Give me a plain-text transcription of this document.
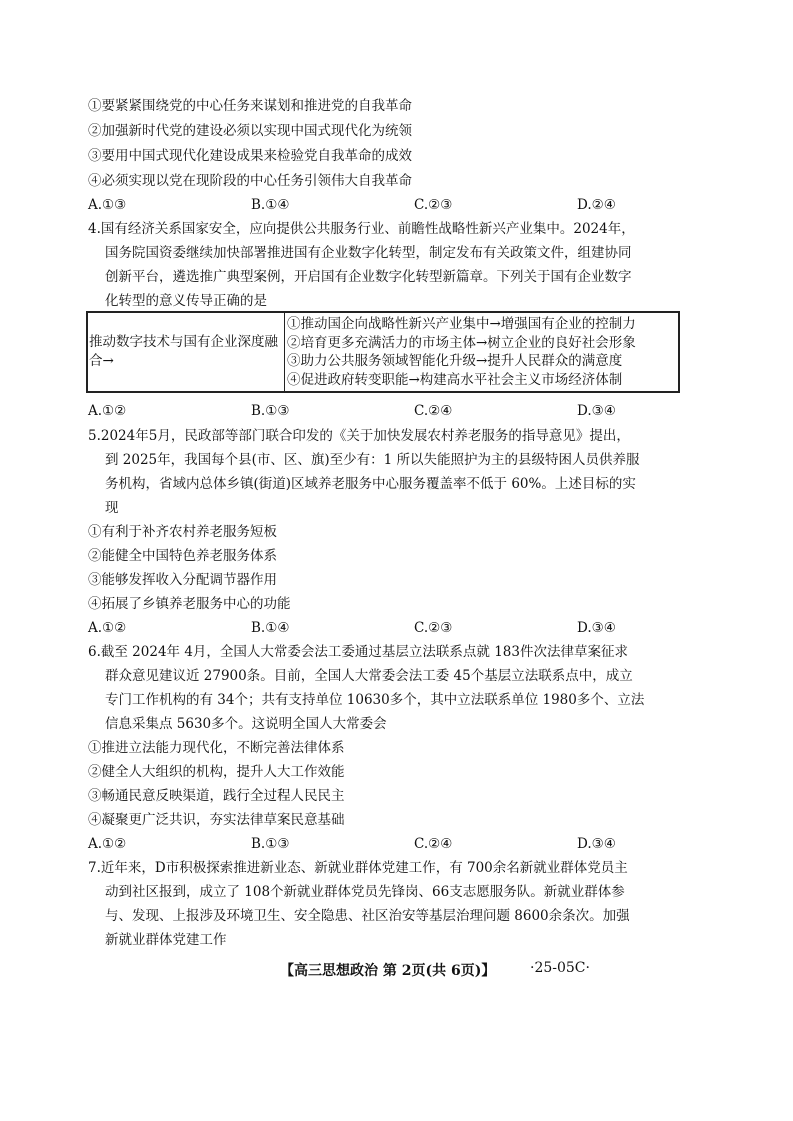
①要紧紧围绕党的中心任务来谋划和推进党的自我革命
②加强新时代党的建设必须以实现中国式现代化为统领
③要用中国式现代化建设成果来检验党自我革命的成效
④必须实现以党在现阶段的中心任务引领伟大自我革命
A.①③	B.①④	C.②③	D.②④
4.国有经济关系国家安全，应向提供公共服务行业、前瞻性战略性新兴产业集中。2024年，
国务院国资委继续加快部署推进国有企业数字化转型，制定发布有关政策文件，组建协同
创新平台，遴选推广典型案例，开启国有企业数字化转型新篇章。下列关于国有企业数字
化转型的意义传导正确的是
推动数字技术与国有企业深度融合→
①推动国企向战略性新兴产业集中→增强国有企业的控制力
②培育更多充满活力的市场主体→树立企业的良好社会形象
③助力公共服务领域智能化升级→提升人民群众的满意度
④促进政府转变职能→构建高水平社会主义市场经济体制
A.①②	B.①③	C.②④	D.③④
5.2024年5月，民政部等部门联合印发的《关于加快发展农村养老服务的指导意见》提出，
到 2025年，我国每个县(市、区、旗)至少有：1 所以失能照护为主的县级特困人员供养服
务机构，省域内总体乡镇(街道)区域养老服务中心服务覆盖率不低于 60%。上述目标的实
现
①有利于补齐农村养老服务短板
②能健全中国特色养老服务体系
③能够发挥收入分配调节器作用
④拓展了乡镇养老服务中心的功能
A.①②	B.①④	C.②③	D.③④
6.截至 2024年 4月，全国人大常委会法工委通过基层立法联系点就 183件次法律草案征求
群众意见建议近 27900条。目前，全国人大常委会法工委 45个基层立法联系点中，成立
专门工作机构的有 34个；共有支持单位 10630多个，其中立法联系单位 1980多个、立法
信息采集点 5630多个。这说明全国人大常委会
①推进立法能力现代化，不断完善法律体系
②健全人大组织的机构，提升人大工作效能
③畅通民意反映渠道，践行全过程人民民主
④凝聚更广泛共识，夯实法律草案民意基础
A.①②	B.①③	C.②④	D.③④
7.近年来，D市积极探索推进新业态、新就业群体党建工作，有 700余名新就业群体党员主
动到社区报到，成立了 108个新就业群体党员先锋岗、66支志愿服务队。新就业群体参
与、发现、上报涉及环境卫生、安全隐患、社区治安等基层治理问题 8600余条次。加强
新就业群体党建工作
【高三思想政治 第 2页(共 6页)】 ·25-05C·
